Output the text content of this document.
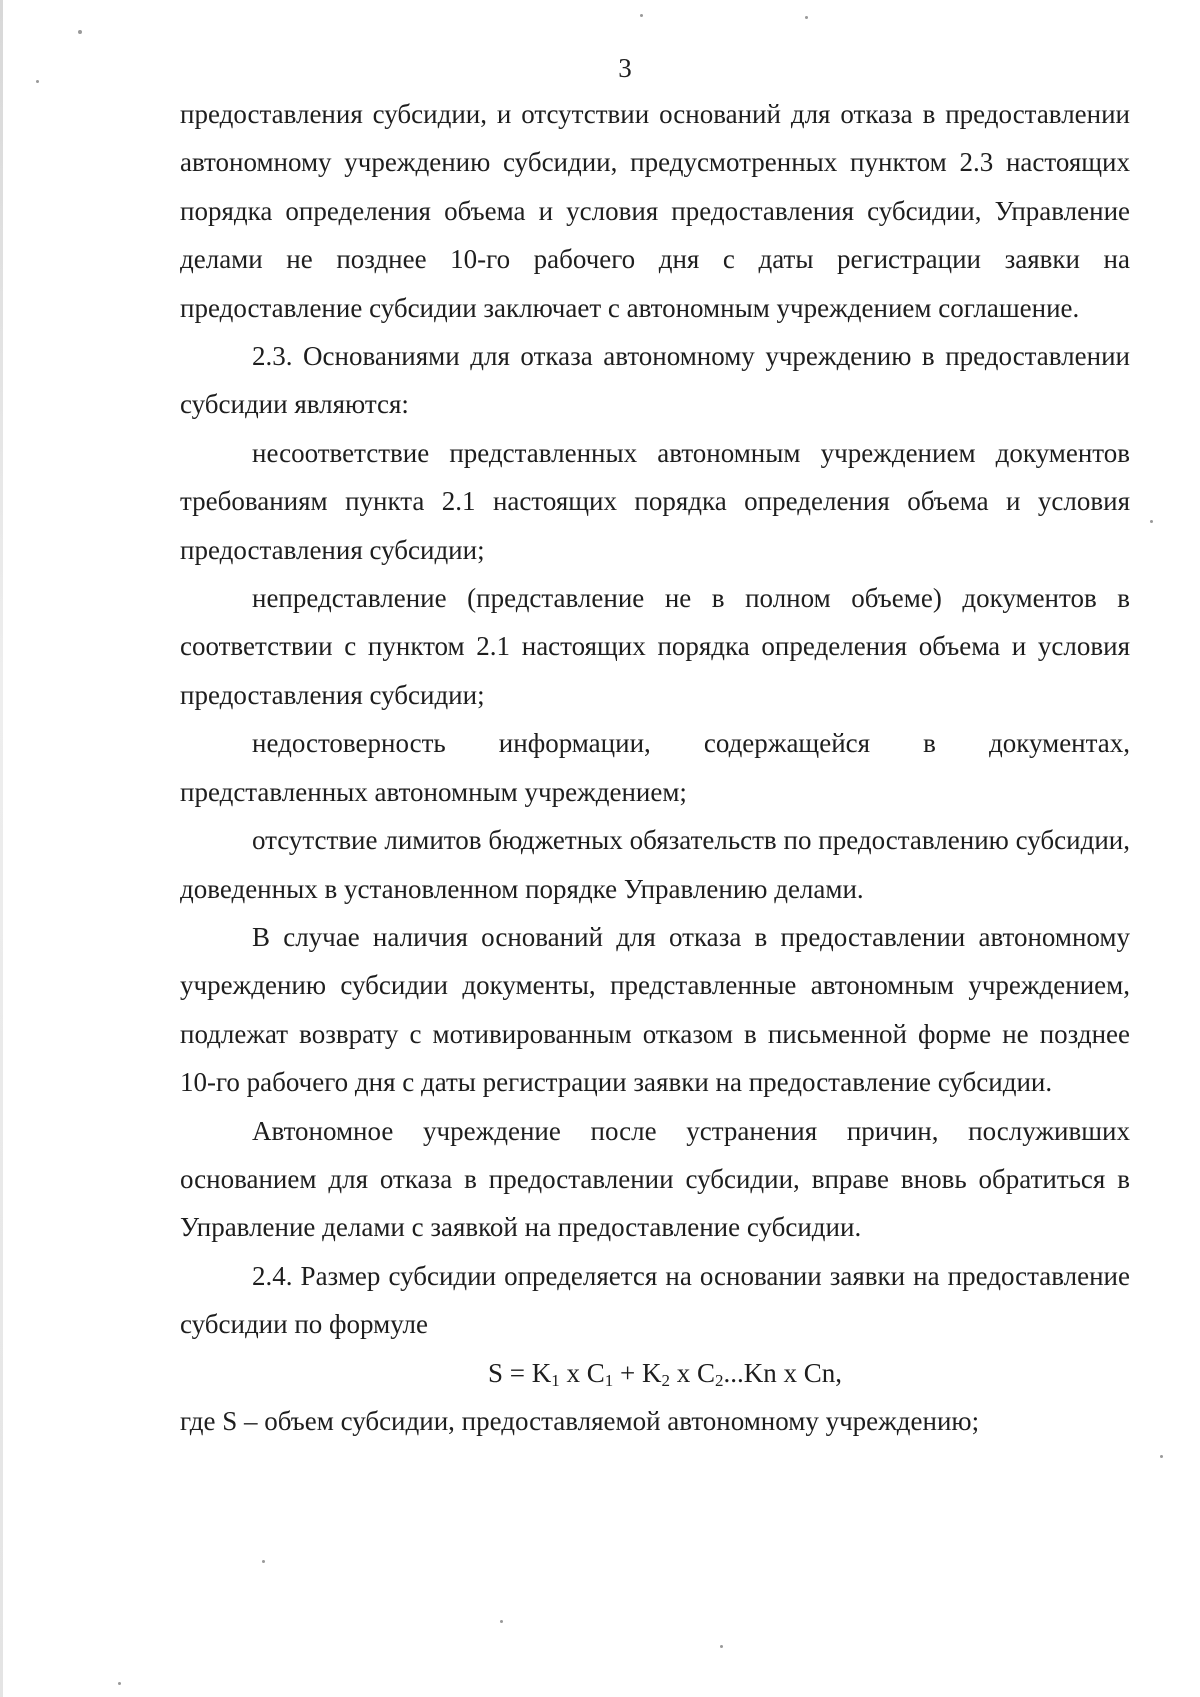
3

предоставления субсидии, и отсутствии оснований для отказа в предоставлении автономному учреждению субсидии, предусмотренных пунктом 2.3 настоящих порядка определения объема и условия предоставления субсидии, Управление делами не позднее 10-го рабочего дня с даты регистрации заявки на предоставление субсидии заключает с автономным учреждением соглашение.

2.3. Основаниями для отказа автономному учреждению в предоставлении субсидии являются:

несоответствие представленных автономным учреждением документов требованиям пункта 2.1 настоящих порядка определения объема и условия предоставления субсидии;

непредставление (представление не в полном объеме) документов в соответствии с пунктом 2.1 настоящих порядка определения объема и условия предоставления субсидии;

недостоверность информации, содержащейся в документах, представленных автономным учреждением;

отсутствие лимитов бюджетных обязательств по предоставлению субсидии, доведенных в установленном порядке Управлению делами.

В случае наличия оснований для отказа в предоставлении автономному учреждению субсидии документы, представленные автономным учреждением, подлежат возврату с мотивированным отказом в письменной форме не позднее 10-го рабочего дня с даты регистрации заявки на предоставление субсидии.

Автономное учреждение после устранения причин, послуживших основанием для отказа в предоставлении субсидии, вправе вновь обратиться в Управление делами с заявкой на предоставление субсидии.

2.4. Размер субсидии определяется на основании заявки на предоставление субсидии по формуле

$S = K_1$ x $C_1 + K_2$ x $C_2...Kn$ x Cn,

где S – объем субсидии, предоставляемой автономному учреждению;
